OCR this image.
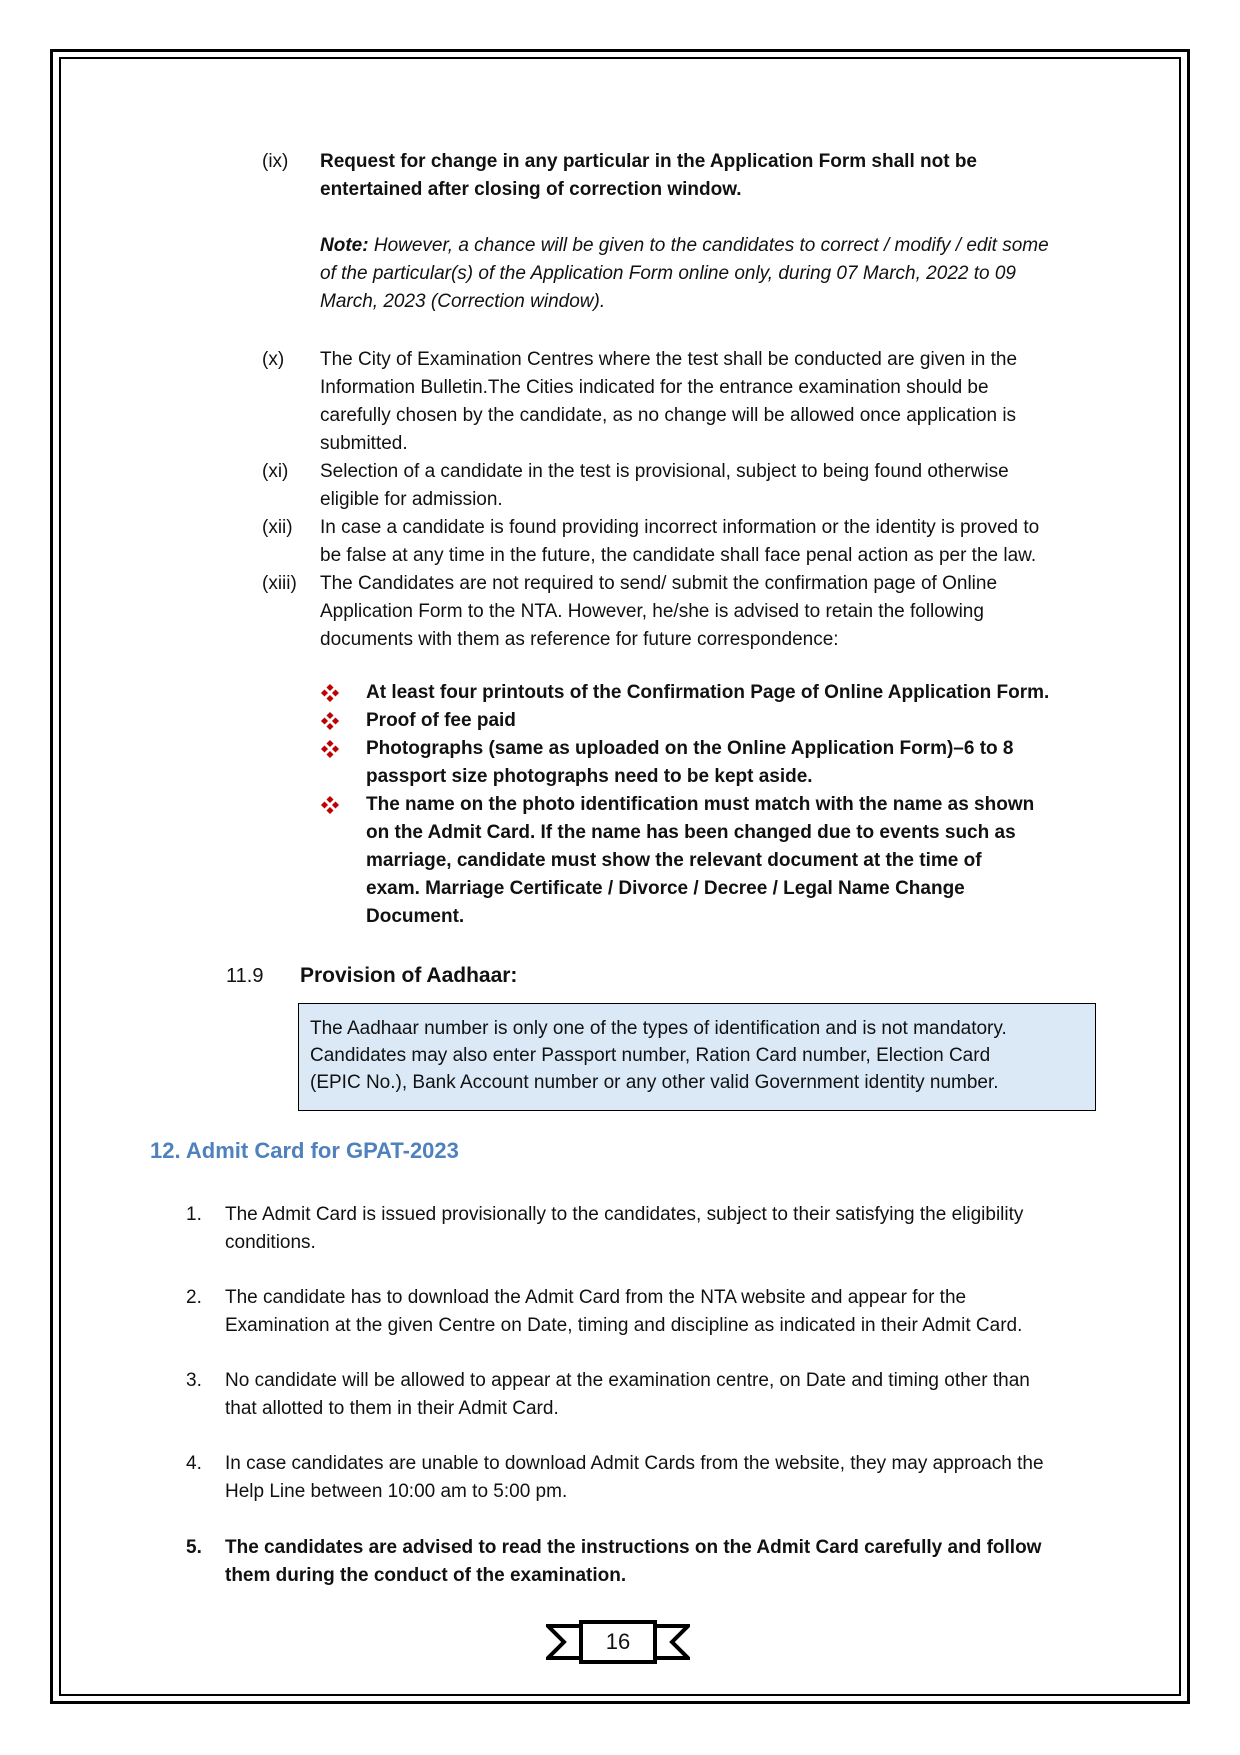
(ix) Request for change in any particular in the Application Form shall not be
entertained after closing of correction window.
Note: However, a chance will be given to the candidates to correct / modify / edit some
of the particular(s) of the Application Form online only, during 07 March, 2022 to 09
March, 2023 (Correction window).
(x) The City of Examination Centres where the test shall be conducted are given in the
Information Bulletin.The Cities indicated for the entrance examination should be
carefully chosen by the candidate, as no change will be allowed once application is
submitted.
(xi) Selection of a candidate in the test is provisional, subject to being found otherwise
eligible for admission.
(xii) In case a candidate is found providing incorrect information or the identity is proved to
be false at any time in the future, the candidate shall face penal action as per the law.
(xiii) The Candidates are not required to send/ submit the confirmation page of Online
Application Form to the NTA. However, he/she is advised to retain the following
documents with them as reference for future correspondence:
At least four printouts of the Confirmation Page of Online Application Form.
Proof of fee paid
Photographs (same as uploaded on the Online Application Form)–6 to 8
passport size photographs need to be kept aside.
The name on the photo identification must match with the name as shown
on the Admit Card. If the name has been changed due to events such as
marriage, candidate must show the relevant document at the time of
exam. Marriage Certificate / Divorce / Decree / Legal Name Change
Document.
11.9 Provision of Aadhaar:
The Aadhaar number is only one of the types of identification and is not mandatory.
Candidates may also enter Passport number, Ration Card number, Election Card
(EPIC No.), Bank Account number or any other valid Government identity number.
12. Admit Card for GPAT-2023
1. The Admit Card is issued provisionally to the candidates, subject to their satisfying the eligibility
conditions.
2. The candidate has to download the Admit Card from the NTA website and appear for the
Examination at the given Centre on Date, timing and discipline as indicated in their Admit Card.
3. No candidate will be allowed to appear at the examination centre, on Date and timing other than
that allotted to them in their Admit Card.
4. In case candidates are unable to download Admit Cards from the website, they may approach the
Help Line between 10:00 am to 5:00 pm.
5. The candidates are advised to read the instructions on the Admit Card carefully and follow
them during the conduct of the examination.
16
